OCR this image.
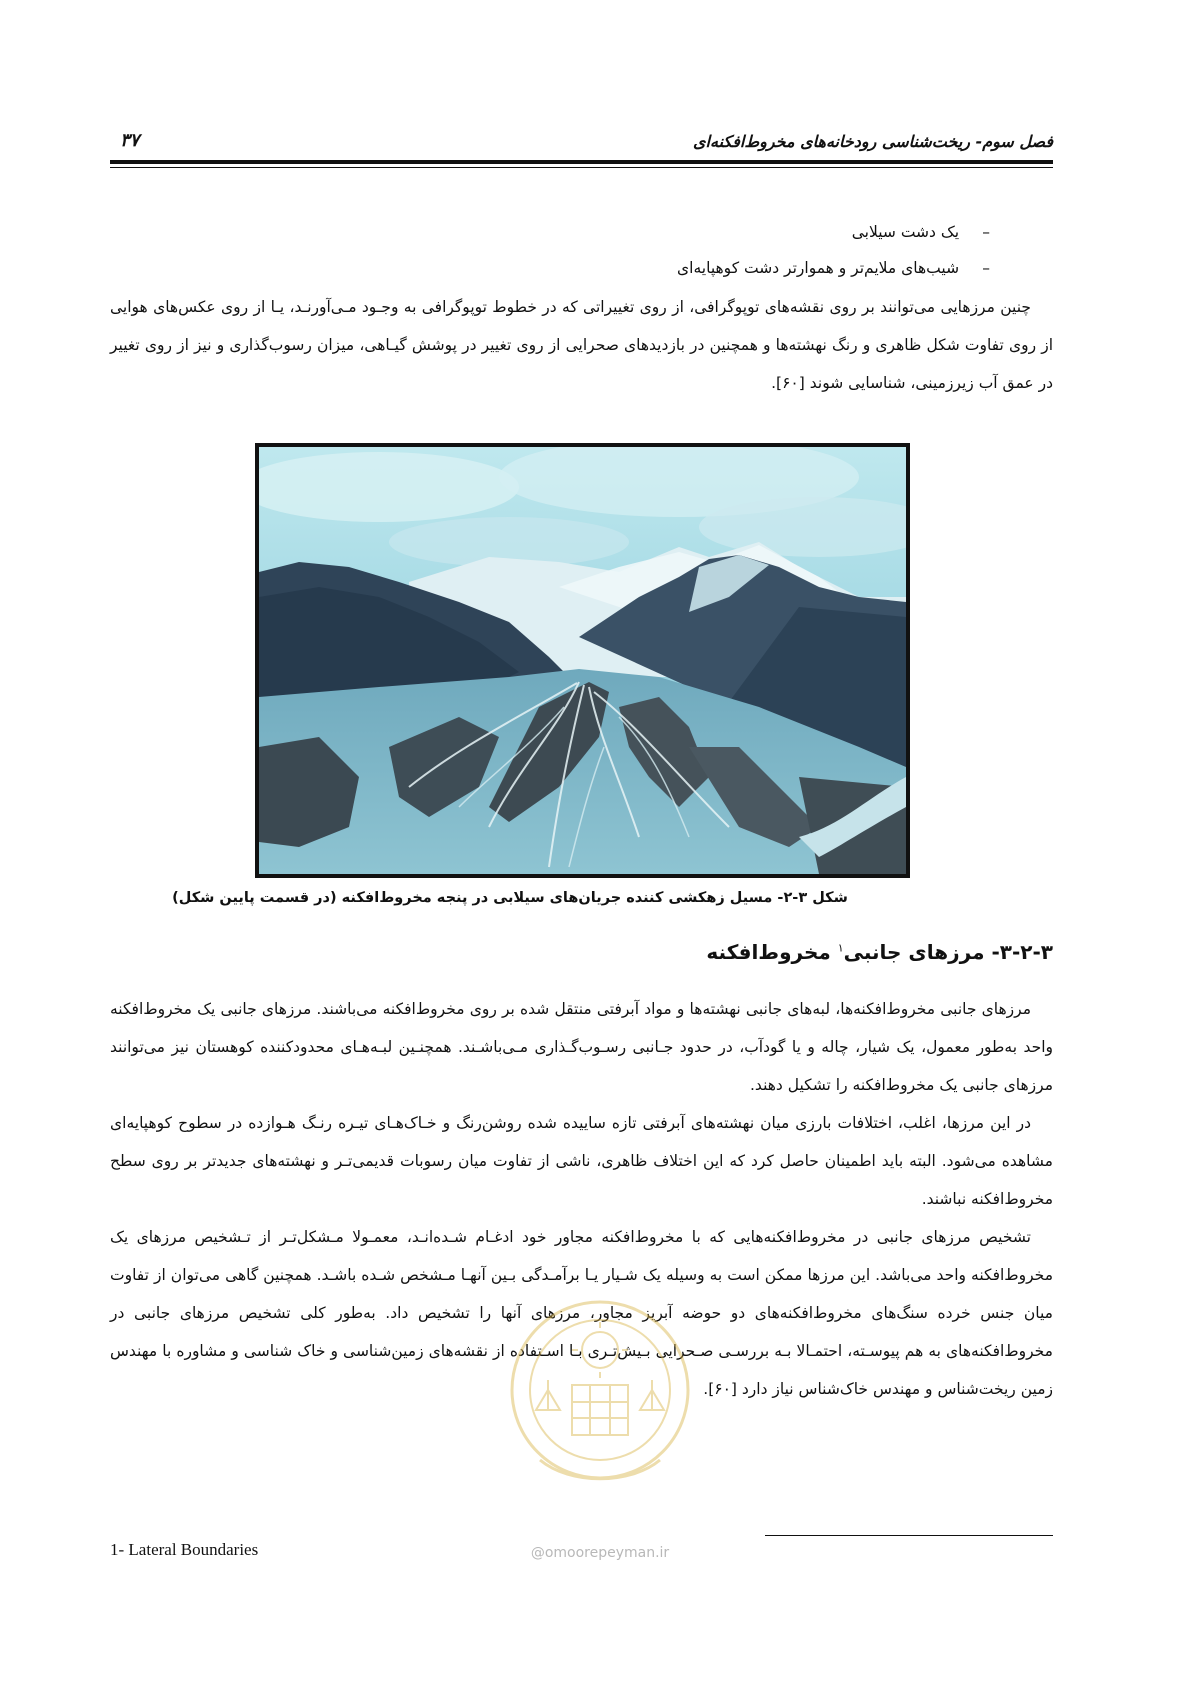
فصل سوم- ریخت‌شناسی رودخانه‌های مخروط‌افکنه‌ای
۳۷
– یک دشت سیلابی
– شیب‌های ملایم‌تر و هموارتر دشت کوهپایه‌ای

چنین مرزهایی می‌توانند بر روی نقشه‌های توپوگرافی، از روی تغییراتی که در خطوط توپوگرافی به وجـود مـی‌آورنـد، یـا از روی عکس‌های هوایی از روی تفاوت شکل ظاهری و رنگ نهشته‌ها و همچنین در بازدیدهای صحرایی از روی تغییر در پوشش گیـاهی، میزان رسوب‌گذاری و نیز از روی تغییر در عمق آب زیرزمینی، شناسایی شوند [۶۰].

شکل ۳-۲- مسیل زهکشی کننده جریان‌های سیلابی در پنجه مخروط‌افکنه (در قسمت پایین شکل)
۳-۲-۳- مرزهای جانبی$^۱$ مخروط‌افکنه

مرزهای جانبی مخروط‌افکنه‌ها، لبه‌های جانبی نهشته‌ها و مواد آبرفتی منتقل شده بر روی مخروط‌افکنه می‌باشند. مرزهای جانبی یک مخروط‌افکنه واحد به‌طور معمول، یک شیار، چاله و یا گودآب، در حدود جـانبی رسـوب‌گـذاری مـی‌باشـند. همچنـین لبـه‌هـای محدودکننده کوهستان نیز می‌توانند مرزهای جانبی یک مخروط‌افکنه را تشکیل دهند.

در این مرزها، اغلب، اختلافات بارزی میان نهشته‌های آبرفتی تازه ساییده شده روشن‌رنگ و خـاک‌هـای تیـره رنـگ هـوازده در سطوح کوهپایه‌ای مشاهده می‌شود. البته باید اطمینان حاصل کرد که این اختلاف ظاهری، ناشی از تفاوت میان رسوبات قدیمی‌تـر و نهشته‌های جدیدتر بر روی سطح مخروط‌افکنه نباشند.

تشخیص مرزهای جانبی در مخروط‌افکنه‌هایی که با مخروط‌افکنه مجاور خود ادغـام شـده‌انـد، معمـولا مـشکل‌تـر از تـشخیص مرزهای یک مخروط‌افکنه واحد می‌باشد. این مرزها ممکن است به وسیله یک شـیار یـا برآمـدگی بـین آنهـا مـشخص شـده باشـد. همچنین گاهی می‌توان از تفاوت میان جنس خرده سنگ‌های مخروط‌افکنه‌های دو حوضه آبریز مجاور، مرزهای آنها را تشخیص داد. به‌طور کلی تشخیص مرزهای جانبی در مخروط‌افکنه‌های به هم پیوسـته، احتمـالا بـه بررسـی صـحرایی بـیش‌تـری بـا اسـتفاده از نقشه‌های زمین‌شناسی و خاک شناسی و مشاوره با مهندس زمین ریخت‌شناس و مهندس خاک‌شناس نیاز دارد [۶۰].

@omoorepeyman.ir
1- Lateral Boundaries
